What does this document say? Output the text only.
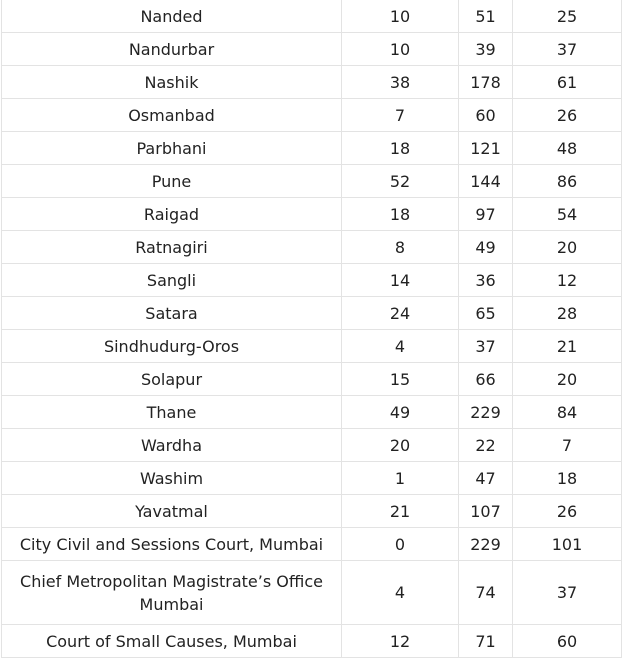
Nanded	10	51	25
Nandurbar	10	39	37
Nashik	38	178	61
Osmanbad	7	60	26
Parbhani	18	121	48
Pune	52	144	86
Raigad	18	97	54
Ratnagiri	8	49	20
Sangli	14	36	12
Satara	24	65	28
Sindhudurg-Oros	4	37	21
Solapur	15	66	20
Thane	49	229	84
Wardha	20	22	7
Washim	1	47	18
Yavatmal	21	107	26
City Civil and Sessions Court, Mumbai	0	229	101
Chief Metropolitan Magistrate’s Office Mumbai	4	74	37
Court of Small Causes, Mumbai	12	71	60
